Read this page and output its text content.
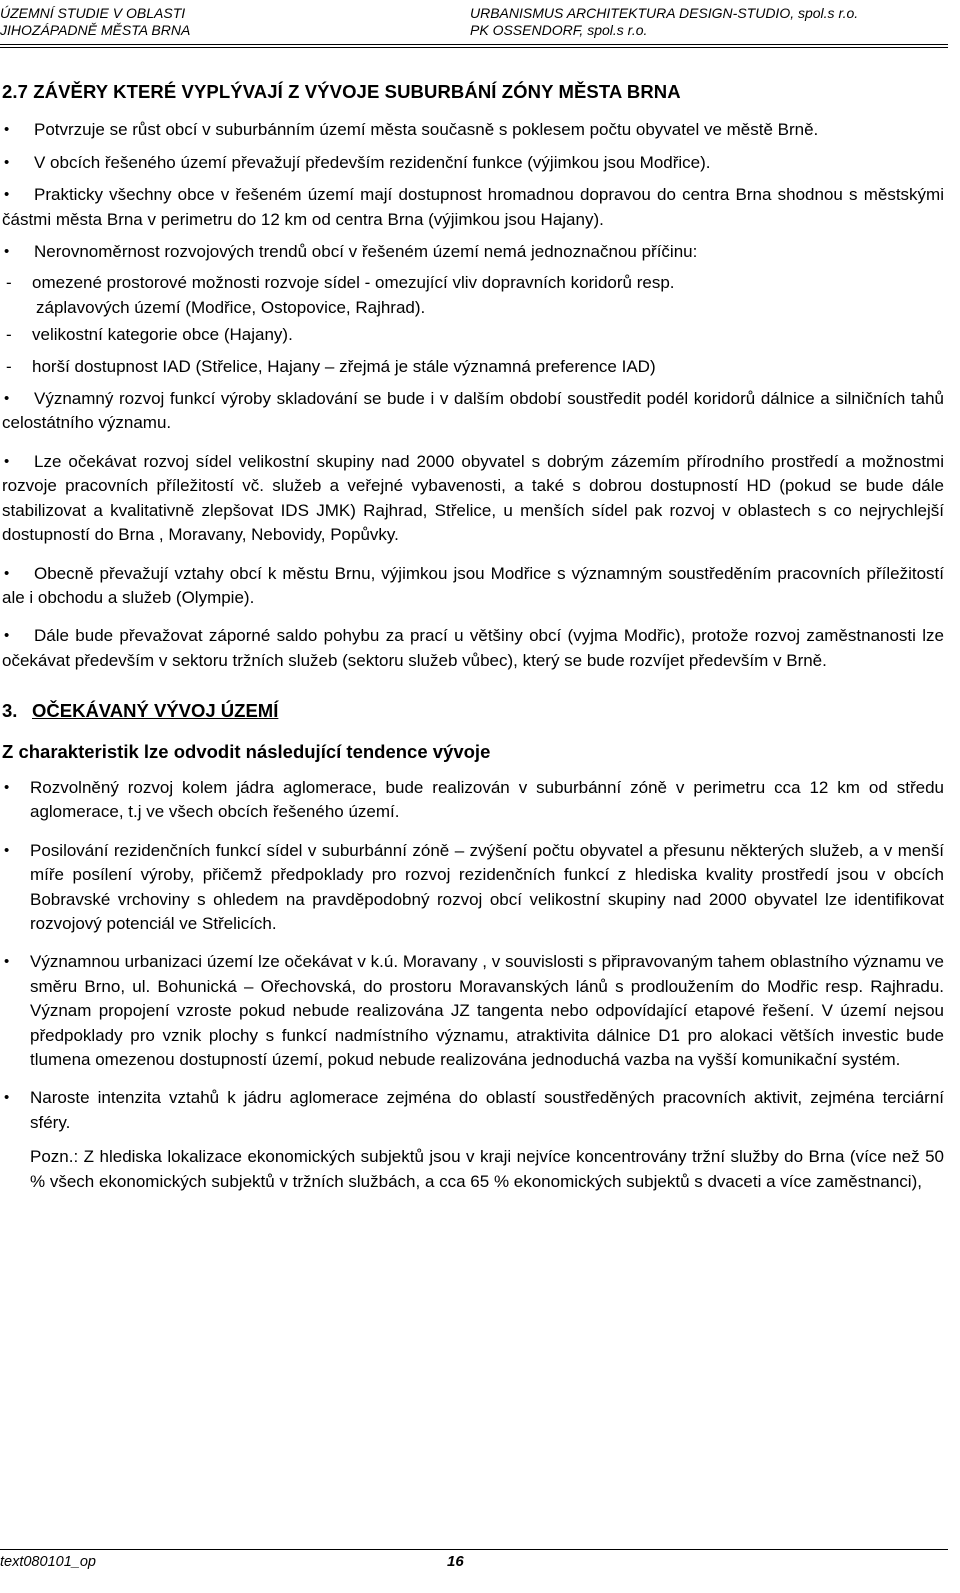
ÚZEMNÍ STUDIE V OBLASTI
JIHOZÁPADNĚ MĚSTA BRNA
URBANISMUS ARCHITEKTURA DESIGN-STUDIO, spol.s r.o.
PK OSSENDORF, spol.s r.o.
2.7 ZÁVĚRY KTERÉ VYPLÝVAJÍ Z VÝVOJE SUBURBÁNÍ ZÓNY MĚSTA BRNA
• Potvrzuje se růst obcí v suburbánním území města současně s poklesem počtu obyvatel ve městě Brně.
• V obcích řešeného území převažují především rezidenční funkce (výjimkou jsou Modřice).
• Prakticky všechny obce v řešeném území mají dostupnost hromadnou dopravou do centra Brna shodnou s městskými částmi města Brna v perimetru do 12 km od centra Brna (výjimkou jsou Hajany).
• Nerovnoměrnost rozvojových trendů obcí v řešeném území nemá jednoznačnou příčinu:
- omezené prostorové možnosti rozvoje sídel - omezující vliv dopravních koridorů resp.
záplavových území (Modřice, Ostopovice, Rajhrad).
- velikostní kategorie obce (Hajany).
- horší dostupnost IAD (Střelice, Hajany – zřejmá je stále významná preference IAD)
• Významný rozvoj funkcí výroby skladování se bude i v dalším období soustředit podél koridorů dálnice a silničních tahů celostátního významu.
• Lze očekávat rozvoj sídel velikostní skupiny nad 2000 obyvatel s dobrým zázemím přírodního prostředí a možnostmi rozvoje pracovních příležitostí vč. služeb a veřejné vybavenosti, a také s dobrou dostupností HD (pokud se bude dále stabilizovat a kvalitativně zlepšovat IDS JMK) Rajhrad, Střelice, u menších sídel pak rozvoj v oblastech s co nejrychlejší dostupností do Brna , Moravany, Nebovidy, Popůvky.
• Obecně převažují vztahy obcí k městu Brnu, výjimkou jsou Modřice s významným soustředěním pracovních příležitostí ale i obchodu a služeb (Olympie).
• Dále bude převažovat záporné saldo pohybu za prací u většiny obcí (vyjma Modřic), protože rozvoj zaměstnanosti lze očekávat především v sektoru tržních služeb (sektoru služeb vůbec), který se bude rozvíjet především v Brně.
3. OČEKÁVANÝ VÝVOJ ÚZEMÍ
Z charakteristik lze odvodit následující tendence vývoje
• Rozvolněný rozvoj kolem jádra aglomerace, bude realizován v suburbánní zóně v perimetru cca 12 km od středu aglomerace, t.j ve všech obcích řešeného území.
• Posilování rezidenčních funkcí sídel v suburbánní zóně – zvýšení počtu obyvatel a přesunu některých služeb, a v menší míře posílení výroby, přičemž předpoklady pro rozvoj rezidenčních funkcí z hlediska kvality prostředí jsou v obcích Bobravské vrchoviny s ohledem na pravděpodobný rozvoj obcí velikostní skupiny nad 2000 obyvatel lze identifikovat rozvojový potenciál ve Střelicích.
• Významnou urbanizaci území lze očekávat v k.ú. Moravany , v souvislosti s připravovaným tahem oblastního významu ve směru Brno, ul. Bohunická – Ořechovská, do prostoru Moravanských lánů s prodloužením do Modřic resp. Rajhradu. Význam propojení vzroste pokud nebude realizována JZ tangenta nebo odpovídající etapové řešení. V území nejsou předpoklady pro vznik plochy s funkcí nadmístního významu, atraktivita dálnice D1 pro alokaci větších investic bude tlumena omezenou dostupností území, pokud nebude realizována jednoduchá vazba na vyšší komunikační systém.
• Naroste intenzita vztahů k jádru aglomerace zejména do oblastí soustředěných pracovních aktivit, zejména terciární sféry.
Pozn.: Z hlediska lokalizace ekonomických subjektů jsou v kraji nejvíce koncentrovány tržní služby do Brna (více než 50 % všech ekonomických subjektů v tržních službách, a cca 65 % ekonomických subjektů s dvaceti a více zaměstnanci),
text080101_op	16
